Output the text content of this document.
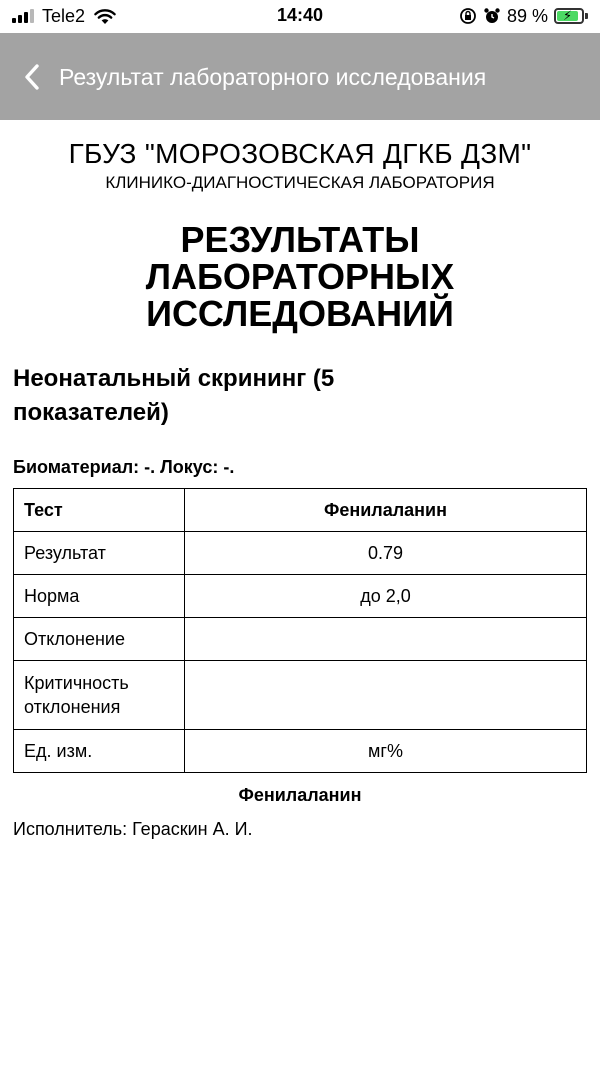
Tele2	14:40	89 % ⚡
Результат лабораторного исследования
ГБУЗ "МОРОЗОВСКАЯ ДГКБ ДЗМ"
КЛИНИКО-ДИАГНОСТИЧЕСКАЯ ЛАБОРАТОРИЯ
РЕЗУЛЬТАТЫ
ЛАБОРАТОРНЫХ
ИССЛЕДОВАНИЙ
Неонатальный скрининг (5 показателей)
Биоматериал: -. Локус: -.
Тест	Фенилаланин
Результат	0.79
Норма	до 2,0
Отклонение	
Критичность отклонения	
Ед. изм.	мг%
Фенилаланин
Исполнитель: Гераскин А. И.
